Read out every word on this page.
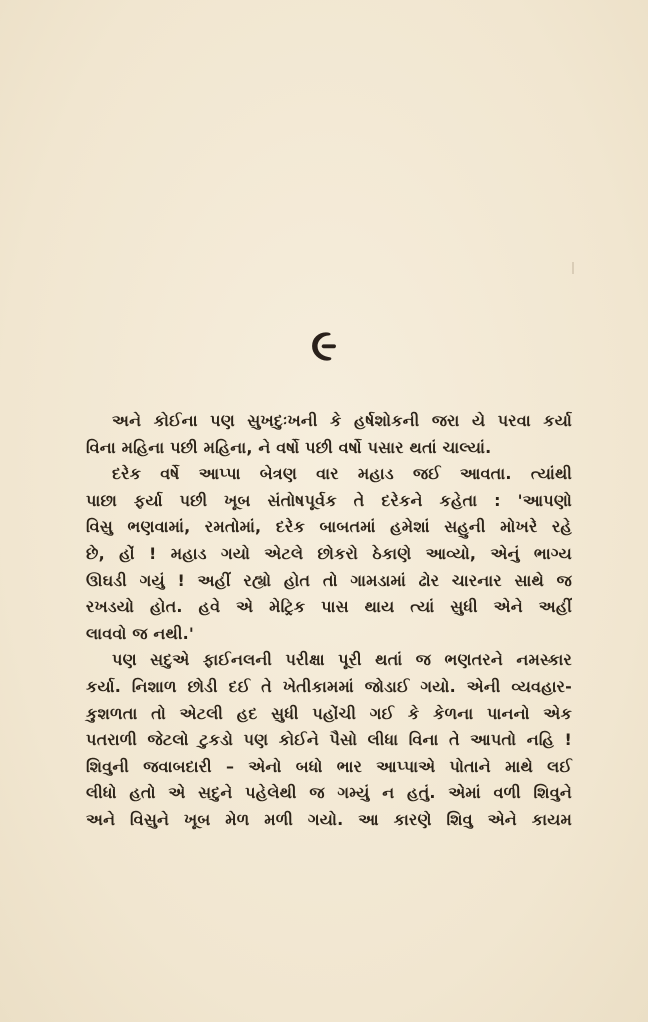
૯
અને કોઈના પણ સુખદુઃખની કે હર્ષશોકની જરા યે પરવા કર્યા
વિના મહિના પછી મહિના, ને વર્ષો પછી વર્ષો પસાર થતાં ચાલ્યાં.
દરેક વર્ષે આપ્પા બેત્રણ વાર મહાડ જઈ આવતા. ત્યાંથી
પાછા ફર્યા પછી ખૂબ સંતોષપૂર્વક તે દરેકને કહેતા : 'આપણો
વિસુ ભણવામાં, રમતોમાં, દરેક બાબતમાં હમેશાં સહુની મોખરે રહે
છે, હોં ! મહાડ ગયો એટલે છોકરો ઠેકાણે આવ્યો, એનું ભાગ્ય
ઊઘડી ગયું ! અહીં રહ્યો હોત તો ગામડામાં ઢોર ચારનાર સાથે જ
રખડયો હોત. હવે એ મેટ્રિક પાસ થાય ત્યાં સુધી એને અહીં
લાવવો જ નથી.'
પણ સદુએ ફાઈનલની પરીક્ષા પૂરી થતાં જ ભણતરને નમસ્કાર
કર્યા. નિશાળ છોડી દઈ તે ખેતીકામમાં જોડાઈ ગયો. એની વ્યવહાર-
કુશળતા તો એટલી હદ સુધી પહોંચી ગઈ કે કેળના પાનનો એક
પતરાળી જેટલો ટુકડો પણ કોઈને પૈસો લીધા વિના તે આપતો નહિ !
શિવુની જવાબદારી – એનો બધો ભાર આપ્પાએ પોતાને માથે લઈ
લીધો હતો એ સદુને પહેલેથી જ ગમ્યું ન હતું. એમાં વળી શિવુને
અને વિસુને ખૂબ મેળ મળી ગયો. આ કારણે શિવુ એને કાયમ
